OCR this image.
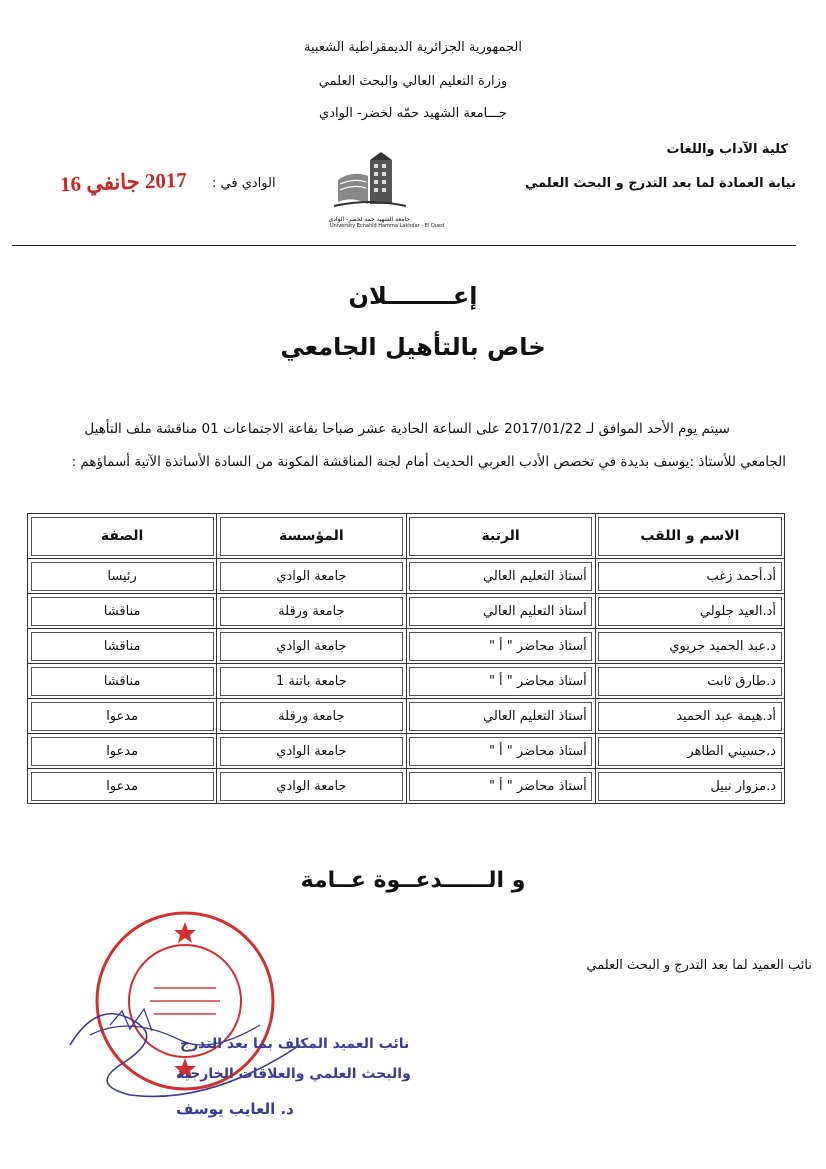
الجمهورية الجزائرية الديمقراطية الشعبية
وزارة التعليم العالي والبحث العلمي
جـــامعة الشهيد حمّه لخضر- الوادي
كلية الآداب واللغات
نيابة العمادة لما بعد التدرج و البحث العلمي
الوادي في :
2017 جانفي 16
جامعة الشهيد حمه لخضر- الوادي
University Echahid Hamma Lakhdar - El Oued
إعــــــــلان
خاص بالتأهيل الجامعي
سيتم يوم الأحد الموافق لـ 2017/01/22 على الساعة الحادية عشر صباحا بقاعة الاجتماعات 01 مناقشة ملف التأهيل
الجامعي للأستاذ :يوسف بديدة في تخصص الأدب العربي الحديث أمام لجنة المناقشة المكونة من السادة الأساتذة الآتية أسماؤهم :
الاسم و اللقب	الرتبة	المؤسسة	الصفة
أد.أحمد زغب	أستاذ التعليم العالي	جامعة الوادي	رئيسا
أد.العيد جلولي	أستاذ التعليم العالي	جامعة ورقلة	مناقشا
د.عبد الحميد جريوي	أستاذ محاضر " أ "	جامعة الوادي	مناقشا
د.طارق ثابت	أستاذ محاضر " أ "	جامعة باتنة 1	مناقشا
أد.هيمة عبد الحميد	أستاذ التعليم العالي	جامعة ورقلة	مدعوا
د.حسيني الطاهر	أستاذ محاضر " أ "	جامعة الوادي	مدعوا
د.مزوار نبيل	أستاذ محاضر " أ "	جامعة الوادي	مدعوا
و الــــــدعــوة عــامة
نائب العميد لما بعد التدرج و البحث العلمي
نائب العميد المكلف بما بعد التدرج
والبحث العلمي والعلاقات الخارجية
د. العايب يوسف
